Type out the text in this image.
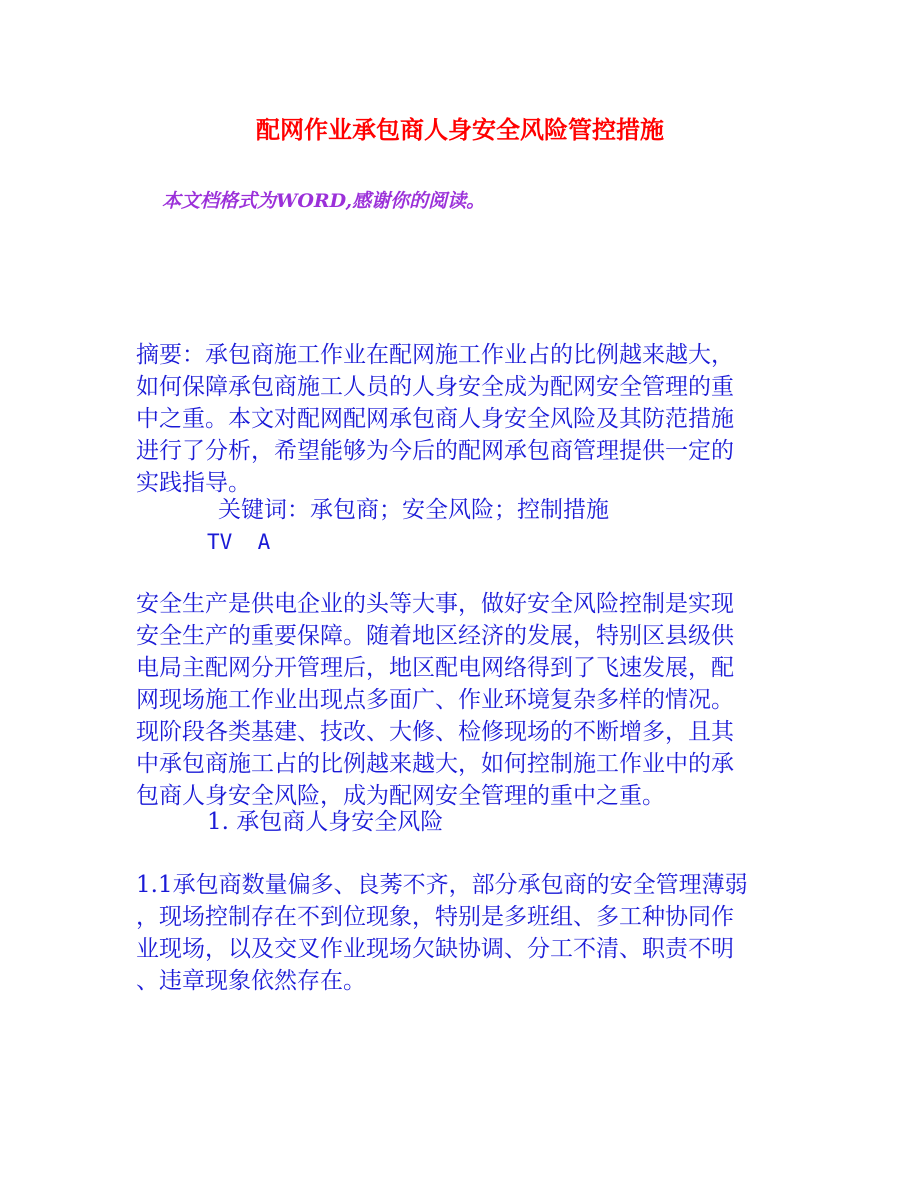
配网作业承包商人身安全风险管控措施
本文档格式为WORD,感谢你的阅读。
摘要：承包商施工作业在配网施工作业占的比例越来越大，
如何保障承包商施工人员的人身安全成为配网安全管理的重
中之重。本文对配网配网承包商人身安全风险及其防范措施
进行了分析，希望能够为今后的配网承包商管理提供一定的
实践指导。
关键词：承包商；安全风险；控制措施
TV  A
安全生产是供电企业的头等大事，做好安全风险控制是实现
安全生产的重要保障。随着地区经济的发展，特别区县级供
电局主配网分开管理后，地区配电网络得到了飞速发展，配
网现场施工作业出现点多面广、作业环境复杂多样的情况。
现阶段各类基建、技改、大修、检修现场的不断增多，且其
中承包商施工占的比例越来越大，如何控制施工作业中的承
包商人身安全风险，成为配网安全管理的重中之重。
1. 承包商人身安全风险
1.1承包商数量偏多、良莠不齐，部分承包商的安全管理薄弱
，现场控制存在不到位现象，特别是多班组、多工种协同作
业现场，以及交叉作业现场欠缺协调、分工不清、职责不明
、违章现象依然存在。
